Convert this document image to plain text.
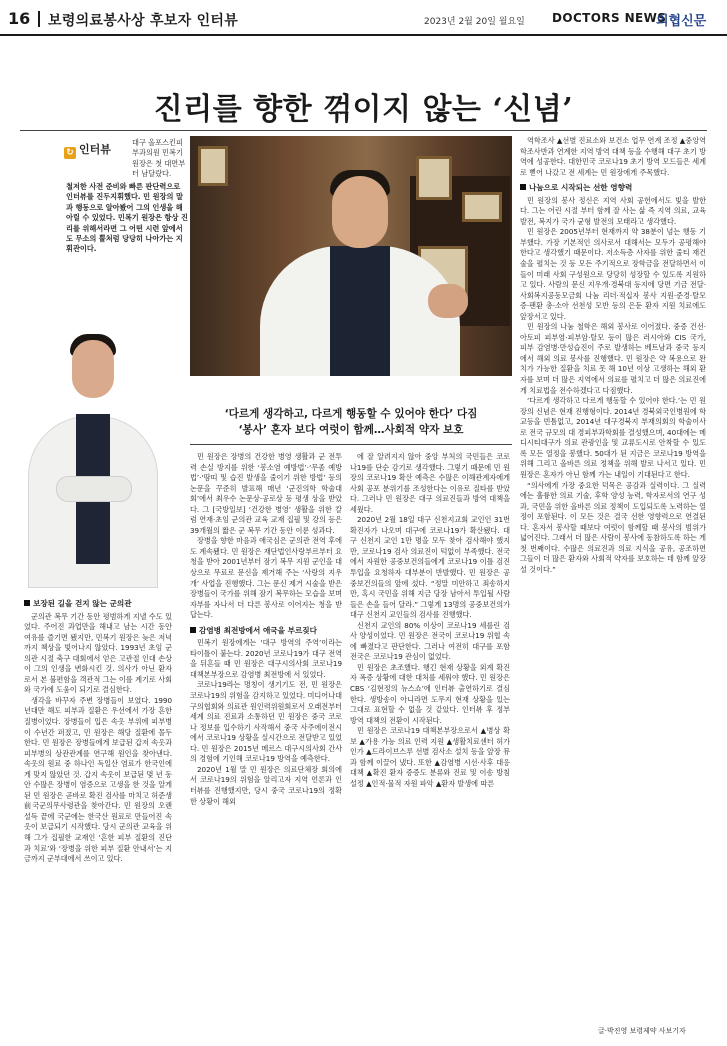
16 보령의료봉사상 후보자 인터뷰	2023년 2월 20일 월요일 DOCTORS NEWS
의협신문
진리를 향한 꺾이지 않는 ‘신념’
↻ 인터뷰
대구 올포스킨피부과의원 민복기 원장은 첫 대면부터 남달랐다.
철저한 사전 준비와 빠른 판단력으로 인터뷰를 진두지휘했다. 민 원장의 말과 행동으로 알아봤어 그의 인생을 해아릴 수 있었다. 민복기 원장은 항상 진리를 위해서라면 그 어떤 시련 앞에서도 무소의 뿔처럼 당당히 나아가는 지휘관이다.
‘다르게 생각하고, 다르게 행동할 수 있어야 한다’ 다짐
‘봉사’ 혼자 보다 여럿이 함께…사회적 약자 보호
보장된 길을 걷지 않는 군의관

군의관 복무 기간 동안 평범하게 지낼 수도 있었다. 주어진 과업만을 해내고 남는 시간 동안 여유를 즐기면 됐지만, 민복기 원장은 늦은 저녁까지 책상을 빛어나지 않았다. 1993년 초임 군의관 시절 축구 대회에서 얻은 고관절 인대 손상이 그의 인생을 변화시킨 것. 의사가 아닌 환자로서 본 불편함을 객관적 그는 이를 계기로 사회와 국가에 도움이 되기로 결심한다.

생각을 바꾸자 주변 장병들이 보였다. 1990년대만 해도 피부과 질환은 우선에서 가장 흔한 질병이었다. 장병들이 입은 속옷 부위에 피부병이 수년간 퍼졌고, 민 원장은 해당 질환에 몰두한다. 민 원장은 장병들에게 보급된 갑저 속옷과 피부병의 상관관계를 연구해 원인을 찾아낸다. 속옷의 원료 중 하나인 독일산 염료가 한국인에게 맞지 않았던 것. 갑지 속옷이 보급된 몇 년 동안 수많은 장병이 염증으로 고생을 한 것을 알게 된 민 원장은 곧바로 확진 검사를 마치고 허준생 前국군의무사령관을 찾아간다. 민 원장의 오랜 설득 끝에 국군에는 한국산 원료로 만들어진 속옷이 보급되기 시작했다. 당시 군의관 교육을 위해 그가 집필한 교재인 ‘흔한 피부 질환의 진단과 치료’와 ‘장병을 위한 피부 질환 안내서’는 지금까지 군부대에서 쓰이고 있다.

민 원장은 장병의 건강한 병영 생활과 군 전투력 손실 방지를 위한 ‘봉소염 예방법’·‘무좀 예방법’·‘땀띠 및 습진 발생을 줄이기 위한 방법’ 등의 논문을 꾸준히 발표해 매년 ‘군진의학 학술대회’에서 최우수 논문상·공로상 등 평생 상을 받았다. 그 [국방일보] ‘건강한 병영’ 생활을 위한 칼럼 연재·초임 군의관 교육 교재 집필 및 강의 등은 39개월의 짧은 군 복무 기간 동안 이룬 성과다.

장병을 향한 마음과 애국심은 군의관 전역 후에도 계속됐다. 민 원장은 재단법인사랑부르부터 요청을 받아 2001년부터 잠기 복무 지원 군인을 대상으로 무료로 문신을 제거해 주는 ‘사랑의 지우개’ 사업을 진행했다. 그는 문신 제거 시술을 받은 장병들이 국가를 위해 잠기 복무하는 모습을 보며 자부를 자나서 더 다른 봉사로 이어지는 청을 받답는다.

감염병 최전방에서 애국을 부르짖다

민복기 원장에게는 ‘대구 방역의 주역’이라는 타이틀이 붙는다. 2020년 코로나19가 대구 전역을 뒤흔들 때 민 원장은 대구시의사회 코로나19 대책본부장으로 감염병 최전방에 서 있었다.

코로나19라는 명칭이 생기기도 전, 민 원장은 코로나19의 위험을 감지하고 있었다. 미디어나대구의협회와 의료관 원인력위원회로서 오래전부터 세계 의료 진료과 소통하던 민 원장은 중국 코로나 정보를 입수하기 사작해서 중국 사주에이전시에서 코로나19 상황을 실시간으로 전달받고 있었다. 민 원장은 2015년 메르스 대구시의사회 간사의 경험에 기인해 코로나19 방역을 예측한다.

2020년 1월 말 민 원장은 의료단체장 회의에서 코로나19의 위험을 알리고자 지역 언론과 인터뷰를 진행했지만, 당시 중국 코로나19의 정확한 상황이 해외

에 잘 알려지지 않아 중앙 부처의 국민들은 코로나19를 단순 감기로 생각했다. 그렇기 때문에 민 원장의 코로나19 확산 예측은 수많은 이해관계자에게 사회 공포 분위기를 조성한다는 이유로 질타를 받았다. 그러나 민 원장은 대구 의료진들과 방역 대책을 세웠다.

2020년 2월 18일 대구 신천지교회 교인인 31번 확진자가 나오며 대구에 코로나19가 확산됐다. 대구 신천지 교인 1만 명을 모두 찾아 검사해야 했지만, 코로나19 검사 의료진이 턱없이 부족했다. 전국에서 자원한 공중보건의들에게 코로나19 이틀 검진 투입을 요청하자 대부분이 반발했다. 민 원장은 공중보건의들의 앞에 섰다. “정말 미안하고 죄송하지만, 혹시 국민을 위해 지금 당장 남아서 투입될 사람들은 손을 들어 달라.” 그렇게 13명의 공중보건의가 대구 신천지 교인들의 검사를 진행했다.

신천지 교인의 80% 이상이 코로나19 세를린 검사 양성이었다. 민 원장은 전국이 코로나19 위협 속에 빠졌다고 판단한다. 그러나 여전히 대구를 포함 전국은 코로나19 관심이 없었다.

민 원장은 초조했다. 행긴 현재 상황을 외계 확진자 폭증 상황에 대한 대처를 세워야 했다. 민 원장은 CBS ‘김현정의 뉴스쇼’에 인터뷰 출연하기로 결심한다. 생방송이 아니라면 도무지 현재 상황을 있는 그대로 표현할 수 없을 것 같았다. 인터뷰 후 정부 방역 대책의 전환이 시작된다.

민 원장은 코로나19 대책본부장으로서 ▲병상 확보 ▲가용 가능 의료 인력 지원 ▲생활치료센터 허가 인가 ▲드라이브스루 선별 검사소 설치 등을 앞장 뮤과 함께 이끌어 냈다. 또한 ▲감염병 시선·사후 대응 대책 ▲확진 환자 증증도 분류와 진료 및 이송 방침 설정 ▲인적·물적 자원 파악 ▲환자 발생에 따른

역학조사 ▲선별 진료소와 보건소 업무 연계 조정 ▲중앙역학조사반과 연계한 지역 방역 대책 등을 수행해 대구 초기 방역에 성공한다. 대한민국 코로나19 초기 방역 모드들은 세계로 뻗어 나갔고 전 세계는 민 원장에게 주목했다.

나눔으로 시작되는 선한 영향력

민 원장의 봉사 정신은 지역 사회 공헌에서도 빛을 발한다. 그는 어린 시절 부터 함께 잘 사는 삶 즉 지역 의료, 교육 발전, 복지가 국가 균형 발전의 모태라고 생각했다.

민 원장은 2005년부터 현재까지 약 38분이 넘는 행동 기부했다. 가장 기본적인 의사로서 대해서는 모두가 공평해야 한다고 생각했기 때문이다. 저소득층 사자를 위한 줄티 재건술을 펼치는 것 등 모든 주기적으로 장학금을 전달하면서 이들이 미래 사회 구성원으로 당당히 성장할 수 있도록 지원하고 있다. 사람의 문신 지우개·경북대 등지에 당면 기금 전달·사회복지공동모금회 나눔 리더·적십자 봉사 지원·준경·탈모증·팬환 총·소아 선천성 모반 등의 은둔 환자 지원 치료에도 앞장서고 있다.

민 원장의 나눔 철학은 해외 봉사로 이어졌다. 중증 건선·아토피 피부염·피부암·탈모 등이 많은 러시아와 CIS 국가, 피부 감염병·만성습진이 주로 발생하는 베트남과 중국 등지에서 해외 의료 봉사를 진행했다. 민 원장은 약 복용으로 완치가 가능한 질환을 치료 못 해 10년 이상 고생하는 해외 환자를 보며 더 많은 지역에서 의료를 펼치고 더 많은 의료진에게 치료법을 전수하겠다고 다짐했다.

‘다르게 생각하고 다르게 행동할 수 있어야 한다.’는 민 원장의 신념은 현재 진행형이다. 2014년 경북외국인병원에 학교등을 빈틈없고, 2014년 대구경북지 부재의회의 학술이사로 전국 규모의 대 경피부과학회를 결성했으며, 40대에는 메디시티대구가 의료 관광인을 및 교류도시로 안착할 수 있도록 모든 열정을 봉했다. 50대가 된 지금은 코로나19 방역을 위해 그리고 올바른 의료 정책을 위해 발로 나서고 있다. 민 원장은 혼자가 아닌 함께 가는 내일이 기대된다고 한다.

“의사에게 가장 중요한 덕목은 공감과 실력이다. 그 실력에는 훌륭한 의료 기술, 후학 양성 능력, 학자로서의 연구 성과, 국민을 위한 올바른 의료 정책이 도입되도록 노력하는 열정이 포함된다. 이 모든 것은 결국 선한 영향력으로 연결된다. 혼자서 봉사할 때보다 여럿이 함께할 때 봉사의 범위가 넓어진다. 그래서 더 많은 사람이 봉사에 동참하도록 하는 게 첫 번째이다. 수많은 의료진과 의료 지식을 공유, 공조하면 그들이 더 많은 환자와 사회적 약자를 보호하는 데 함께 앞장설 것이다.”

글·박진영 보령제약 사보기자
